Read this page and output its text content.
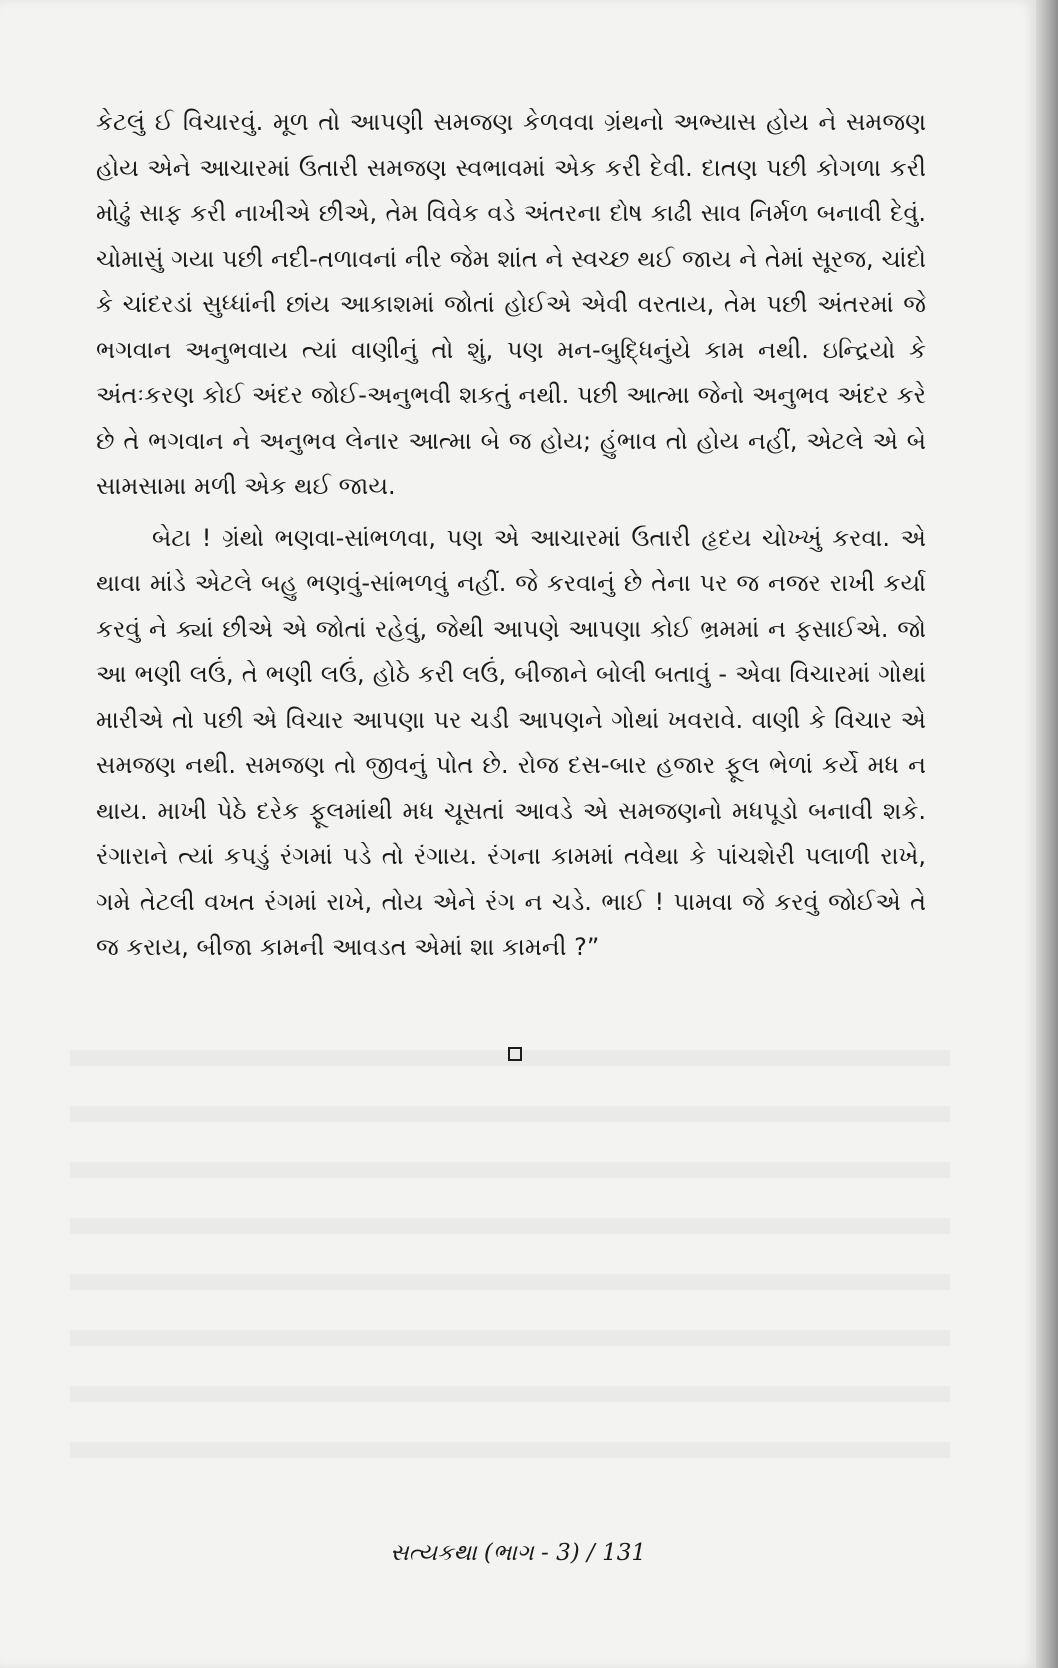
કેટલું ઈ વિચારવું. મૂળ તો આપણી સમજણ કેળવવા ગ્રંથનો અભ્યાસ હોય ને સમજણ હોય એને આચારમાં ઉતારી સમજણ સ્વભાવમાં એક કરી દેવી. દાતણ પછી કોગળા કરી મોઢું સાફ કરી નાખીએ છીએ, તેમ વિવેક વડે અંતરના દોષ કાઢી સાવ નિર્મળ બનાવી દેવું. ચોમાસું ગયા પછી નદી-તળાવનાં નીર જેમ શાંત ને સ્વચ્છ થઈ જાય ને તેમાં સૂરજ, ચાંદો કે ચાંદરડાં સુધ્ધાંની છાંય આકાશમાં જોતાં હોઈએ એવી વરતાય, તેમ પછી અંતરમાં જે ભગવાન અનુભવાય ત્યાં વાણીનું તો શું, પણ મન-બુદ્ધિનુંયે કામ નથી. ઇન્દ્રિયો કે અંતઃકરણ કોઈ અંદર જોઈ-અનુભવી શકતું નથી. પછી આત્મા જેનો અનુભવ અંદર કરે છે તે ભગવાન ને અનુભવ લેનાર આત્મા બે જ હોય; હુંભાવ તો હોય નહીં, એટલે એ બે સામસામા મળી એક થઈ જાય.

બેટા ! ગ્રંથો ભણવા-સાંભળવા, પણ એ આચારમાં ઉતારી હૃદય ચોખ્ખું કરવા. એ થાવા માંડે એટલે બહુ ભણવું-સાંભળવું નહીં. જે કરવાનું છે તેના પર જ નજર રાખી કર્યા કરવું ને ક્યાં છીએ એ જોતાં રહેવું, જેથી આપણે આપણા કોઈ ભ્રમમાં ન ફસાઈએ. જો આ ભણી લઉં, તે ભણી લઉં, હોઠે કરી લઉં, બીજાને બોલી બતાવું - એવા વિચારમાં ગોથાં મારીએ તો પછી એ વિચાર આપણા પર ચડી આપણને ગોથાં ખવરાવે. વાણી કે વિચાર એ સમજણ નથી. સમજણ તો જીવનું પોત છે. રોજ દસ-બાર હજાર ફૂલ ભેળાં કર્યે મધ ન થાય. માખી પેઠે દરેક ફૂલમાંથી મધ ચૂસતાં આવડે એ સમજણનો મધપૂડો બનાવી શકે. રંગારાને ત્યાં કપડું રંગમાં પડે તો રંગાય. રંગના કામમાં તવેથા કે પાંચશેરી પલાળી રાખે, ગમે તેટલી વખત રંગમાં રાખે, તોય એને રંગ ન ચડે. ભાઈ ! પામવા જે કરવું જોઈએ તે જ કરાય, બીજા કામની આવડત એમાં શા કામની ?”

સત્યકથા (ભાગ - 3) / 131
